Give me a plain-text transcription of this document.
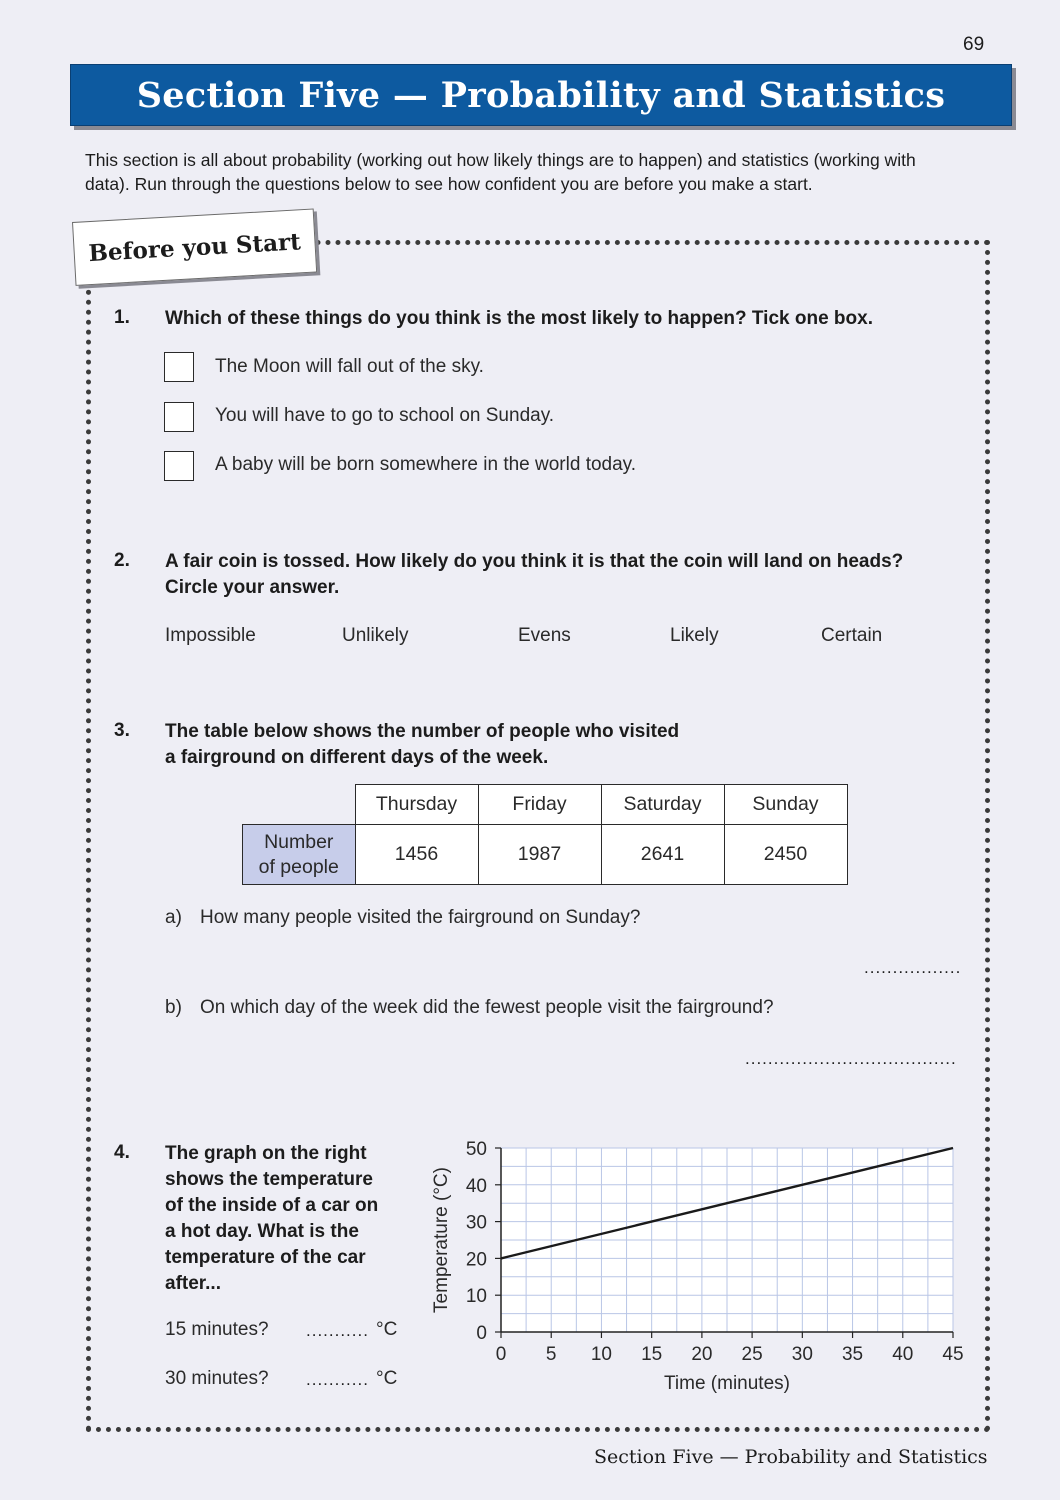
69
Section Five — Probability and Statistics
This section is all about probability (working out how likely things are to happen) and statistics (working with data). Run through the questions below to see how confident you are before you make a start.
Before you Start
1. Which of these things do you think is the most likely to happen? Tick one box.
The Moon will fall out of the sky.
You will have to go to school on Sunday.
A baby will be born somewhere in the world today.
2. A fair coin is tossed. How likely do you think it is that the coin will land on heads?
Circle your answer.
Impossible	Unlikely	Evens	Likely	Certain
3. The table below shows the number of people who visited
a fairground on different days of the week.
	Thursday	Friday	Saturday	Sunday

Number
of people	1456	1987	2641	2450
a) How many people visited the fairground on Sunday?
.................
b) On which day of the week did the fewest people visit the fairground?
.....................................
4. The graph on the right
shows the temperature
of the inside of a car on
a hot day. What is the
temperature of the car
after...
15 minutes? ........... °C
30 minutes? ........... °C
0 5 10 15 20 25 30 35 40 45
0
10
20
30
40
50
Time (minutes)
Temperature (°C)
Section Five — Probability and Statistics
